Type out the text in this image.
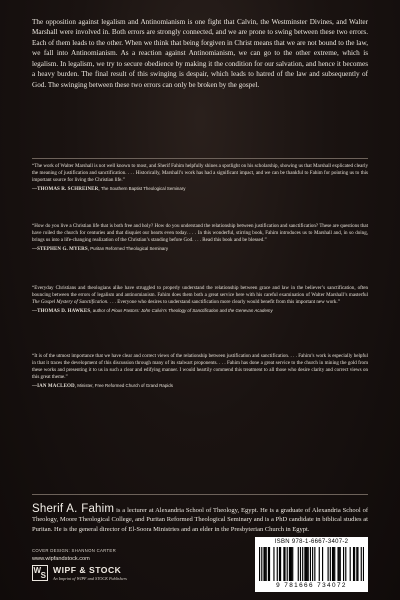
The opposition against legalism and Antinomianism is one fight that Calvin, the Westminster Divines, and Walter Marshall were involved in. Both errors are strongly connected, and we are prone to swing between these two errors. Each of them leads to the other. When we think that being forgiven in Christ means that we are not bound to the law, we fall into Antinomianism. As a reaction against Antinomianism, we can go to the other extreme, which is legalism. In legalism, we try to secure obedience by making it the condition for our salvation, and hence it becomes a heavy burden. The final result of this swinging is despair, which leads to hatred of the law and subsequently of God. The swinging between these two errors can only be broken by the gospel.

“The work of Walter Marshall is not well known to most, and Sherif Fahim helpfully shines a spotlight on his scholarship, showing us that Marshall explicated clearly the meaning of justification and sanctification. . . . Historically, Marshall’s work has had a significant impact, and we can be thankful to Fahim for pointing us to this important source for living the Christian life.”

—THOMAS R. SCHREINER, The Southern Baptist Theological Seminary

“How do you live a Christian life that is both free and holy? How do you understand the relationship between justification and sanctification? These are questions that have roiled the church for centuries and that disquiet our hearts even today. . . . In this wonderful, stirring book, Fahim introduces us to Marshall and, in so doing, brings us into a life-changing realization of the Christian’s standing before God. . . . Read this book and be blessed.”

—STEPHEN G. MYERS, Puritan Reformed Theological Seminary

“Everyday Christians and theologians alike have struggled to properly understand the relationship between grace and law in the believer’s sanctification, often bouncing between the errors of legalism and antinomianism. Fahim does them both a great service here with his careful examination of Walter Marshall’s masterful The Gospel Mystery of Sanctification. . . . Everyone who desires to understand sanctification more clearly would benefit from this important new work.”

—THOMAS D. HAWKES, author of Pious Pastors: John Calvin’s Theology of Sanctification and the Genevan Academy

“It is of the utmost importance that we have clear and correct views of the relationship between justification and sanctification. . . . Fahim’s work is especially helpful in that it traces the development of this discussion through many of its stalwart proponents. . . . Fahim has done a great service to the church in mining the gold from these works and presenting it to us in such a clear and edifying manner. I would heartily commend this treatment to all those who desire clarity and correct views on this great theme.”

—IAN MACLEOD, Minister, Free Reformed Church of Grand Rapids

Sherif A. Fahim is a lecturer at Alexandria School of Theology, Egypt. He is a graduate of Alexandria School of Theology, Moore Theological College, and Puritan Reformed Theological Seminary and is a PhD candidate in biblical studies at Puritan. He is the general director of El-Soora Ministries and an elder in the Presbyterian Church in Egypt.

COVER DESIGN: SHANNON CARTER
www.wipfandstock.com
W
S WIPF & STOCK
An Imprint of WIPF and STOCK Publishers
ISBN 978-1-6667-3407-2
9 781666 734072
